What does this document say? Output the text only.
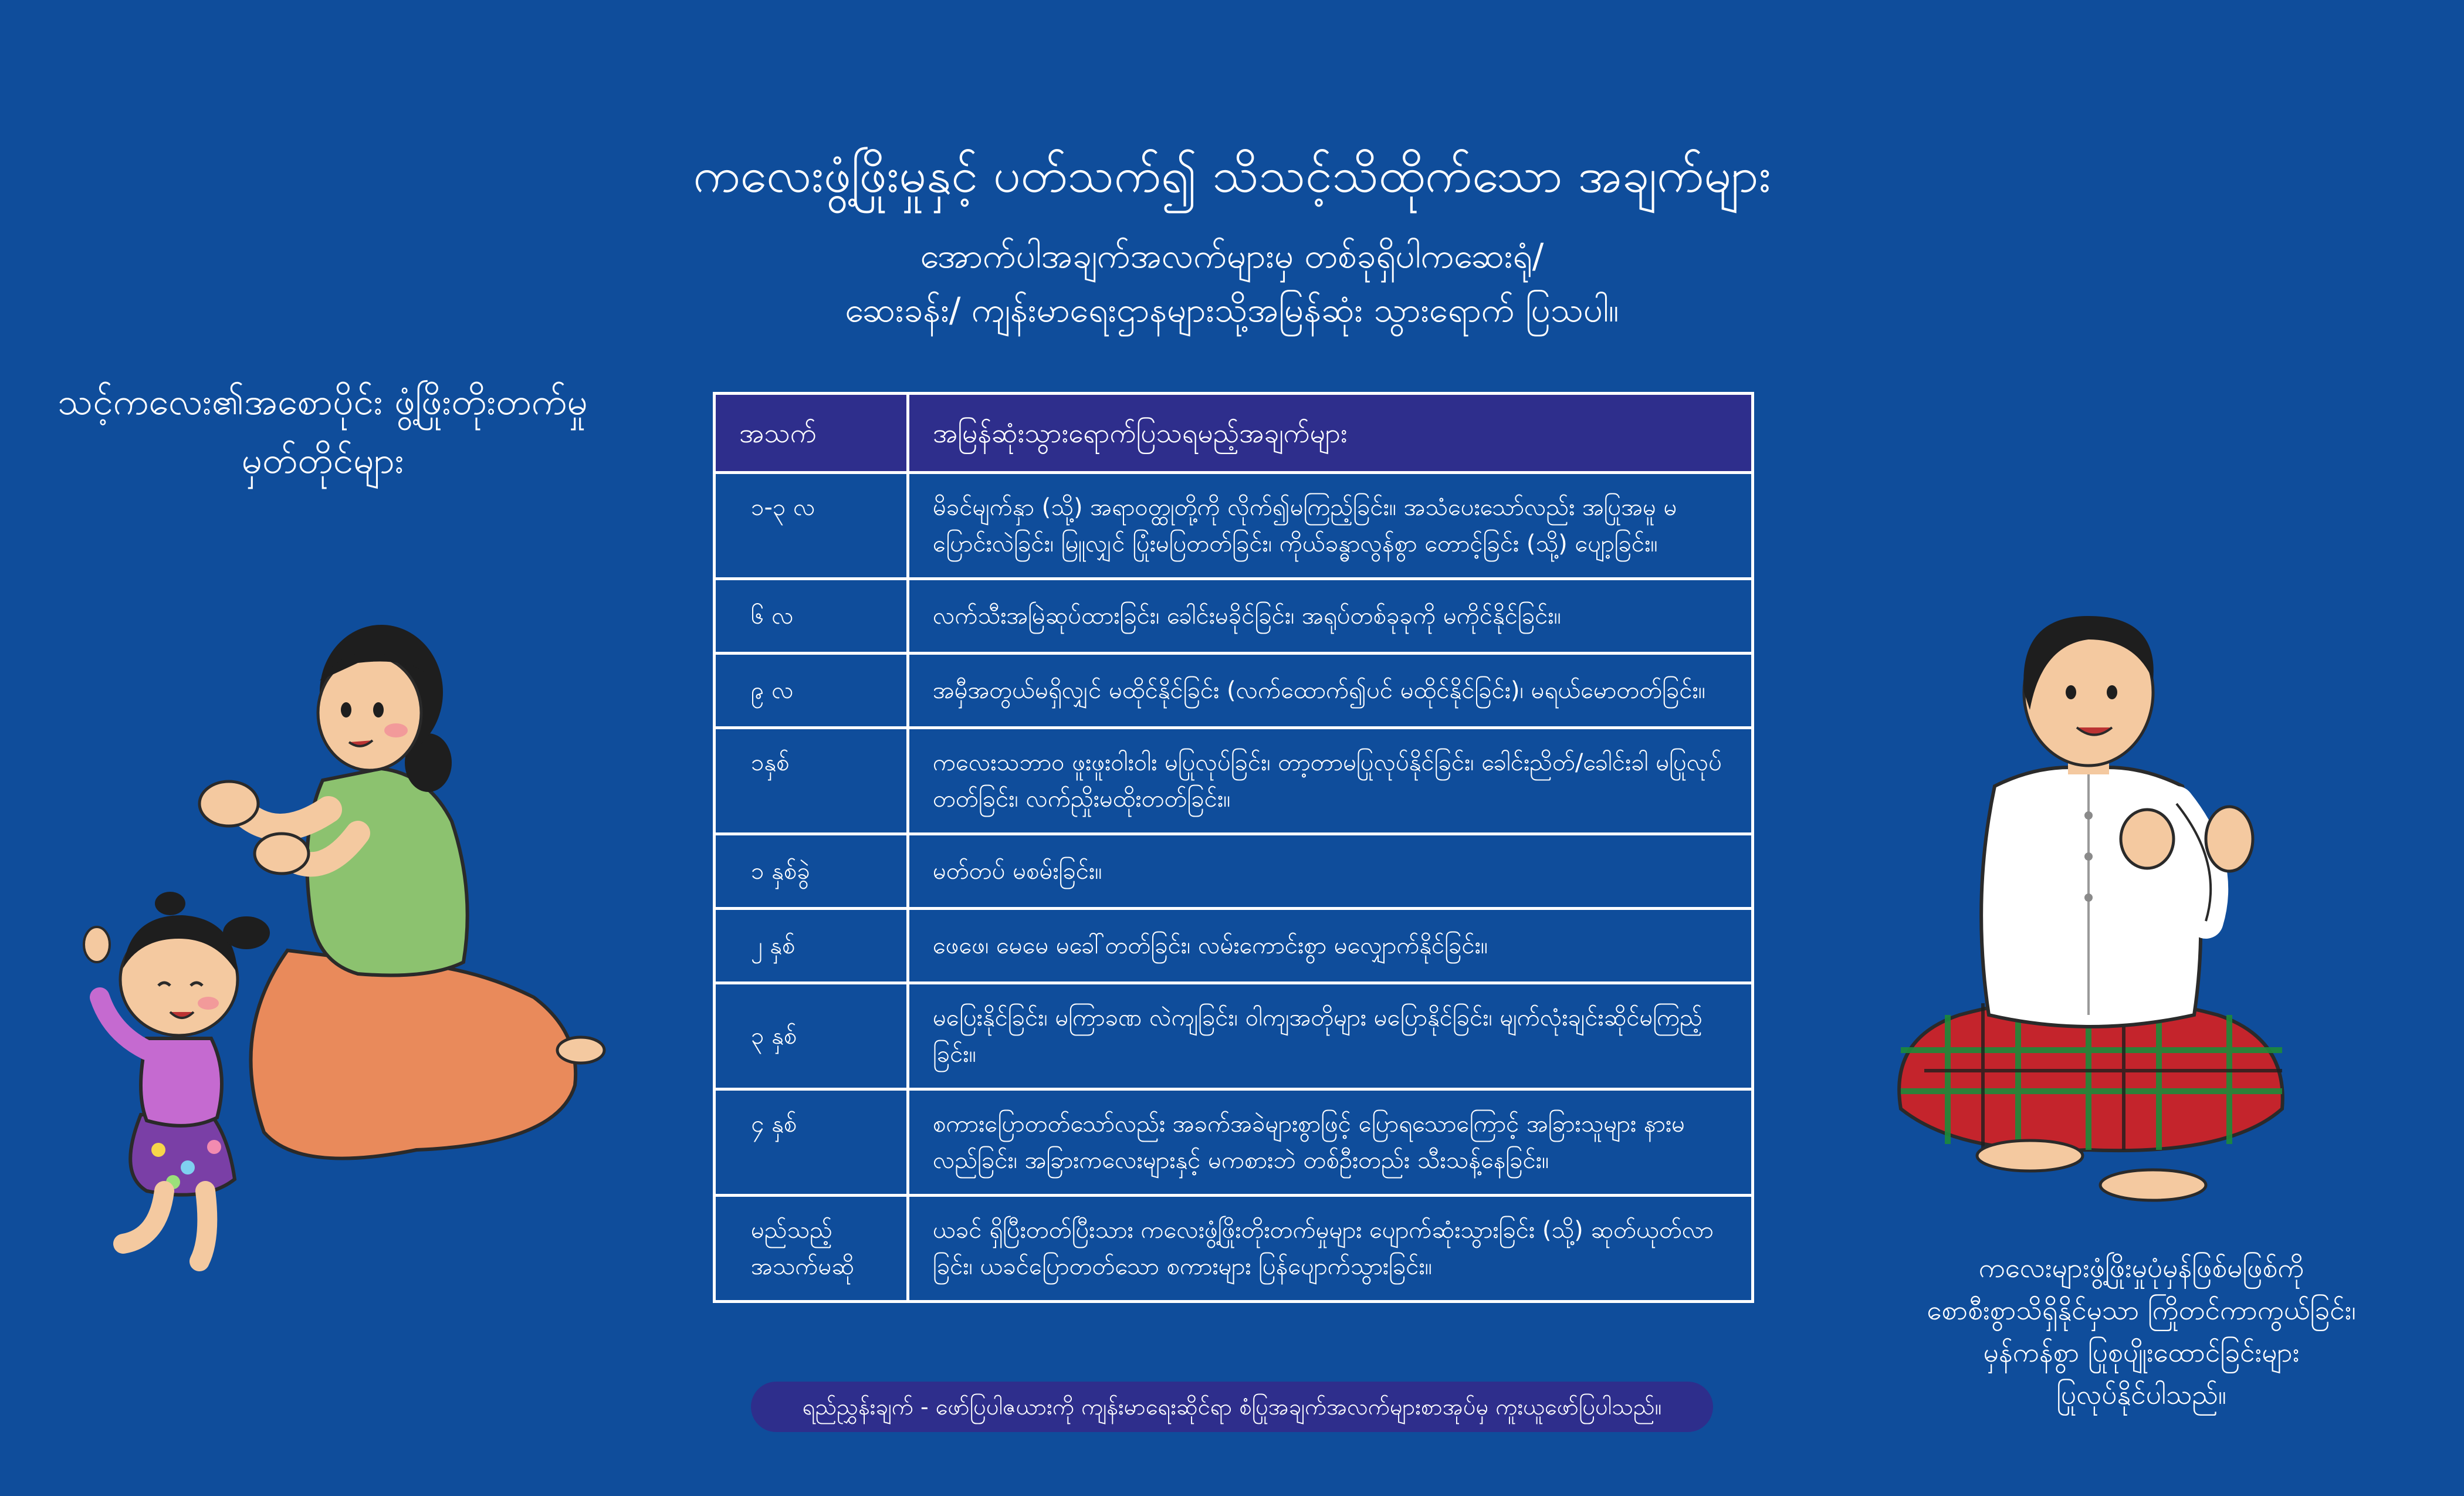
ကလေးဖွံ့ဖြိုးမှုနှင့် ပတ်သက်၍ သိသင့်သိထိုက်သော အချက်များ
အောက်ပါအချက်အလက်များမှ တစ်ခုရှိပါကဆေးရုံ/
ဆေးခန်း/ ကျန်းမာရေးဌာနများသို့အမြန်ဆုံး သွားရောက် ပြသပါ။
သင့်ကလေး၏အစောပိုင်း ဖွံ့ဖြိုးတိုးတက်မှုမှတ်တိုင်များ
အသက်	အမြန်ဆုံးသွားရောက်ပြသရမည့်အချက်များ
၁-၃ လ	မိခင်မျက်နှာ (သို့) အရာဝတ္ထုတို့ကို လိုက်၍မကြည့်ခြင်း။ အသံပေးသော်လည်း အပြုအမူ မပြောင်းလဲခြင်း၊ မြူလျှင် ပြုံးမပြတတ်ခြင်း၊ ကိုယ်ခန္ဓာလွန်စွာ တောင့်ခြင်း (သို့) ပျော့ခြင်း။
၆ လ	လက်သီးအမြဲဆုပ်ထားခြင်း၊ ခေါင်းမခိုင်ခြင်း၊ အရုပ်တစ်ခုခုကို မကိုင်နိုင်ခြင်း။
၉ လ	အမှီအတွယ်မရှိလျှင် မထိုင်နိုင်ခြင်း (လက်ထောက်၍ပင် မထိုင်နိုင်ခြင်း)၊ မရယ်မောတတ်ခြင်း။
၁နှစ်	ကလေးသဘာဝ ဖူးဖူးဝါးဝါး မပြုလုပ်ခြင်း၊ တာ့တာမပြုလုပ်နိုင်ခြင်း၊ ခေါင်းညိတ်/ခေါင်းခါ မပြုလုပ်တတ်ခြင်း၊ လက်ညှိုးမထိုးတတ်ခြင်း။
၁ နှစ်ခွဲ	မတ်တပ် မစမ်းခြင်း။
၂ နှစ်	ဖေဖေ၊ မေမေ မခေါ်တတ်ခြင်း၊ လမ်းကောင်းစွာ မလျှောက်နိုင်ခြင်း။
၃ နှစ်	မပြေးနိုင်ခြင်း၊ မကြာခဏ လဲကျခြင်း၊ ဝါကျအတိုများ မပြောနိုင်ခြင်း၊ မျက်လုံးချင်းဆိုင်မကြည့်ခြင်း။
၄ နှစ်	စကားပြောတတ်သော်လည်း အခက်အခဲများစွာဖြင့် ပြောရသောကြောင့် အခြားသူများ နားမလည်ခြင်း၊ အခြားကလေးများနှင့် မကစားဘဲ တစ်ဦးတည်း သီးသန့်နေခြင်း။
မည်သည့် အသက်မဆို	ယခင် ရှိပြီးတတ်ပြီးသား ကလေးဖွံ့ဖြိုးတိုးတက်မှုများ ပျောက်ဆုံးသွားခြင်း (သို့) ဆုတ်ယုတ်လာခြင်း၊ ယခင်ပြောတတ်သော စကားများ ပြန်ပျောက်သွားခြင်း။
ရည်ညွှန်းချက် - ဖော်ပြပါဇယားကို ကျန်းမာရေးဆိုင်ရာ စံပြုအချက်အလက်များစာအုပ်မှ ကူးယူဖော်ပြပါသည်။
ကလေးများဖွံ့ဖြိုးမှုပုံမှန်ဖြစ်မဖြစ်ကို
စောစီးစွာသိရှိနိုင်မှသာ ကြိုတင်ကာကွယ်ခြင်း၊
မှန်ကန်စွာ ပြုစုပျိုးထောင်ခြင်းများ
ပြုလုပ်နိုင်ပါသည်။
